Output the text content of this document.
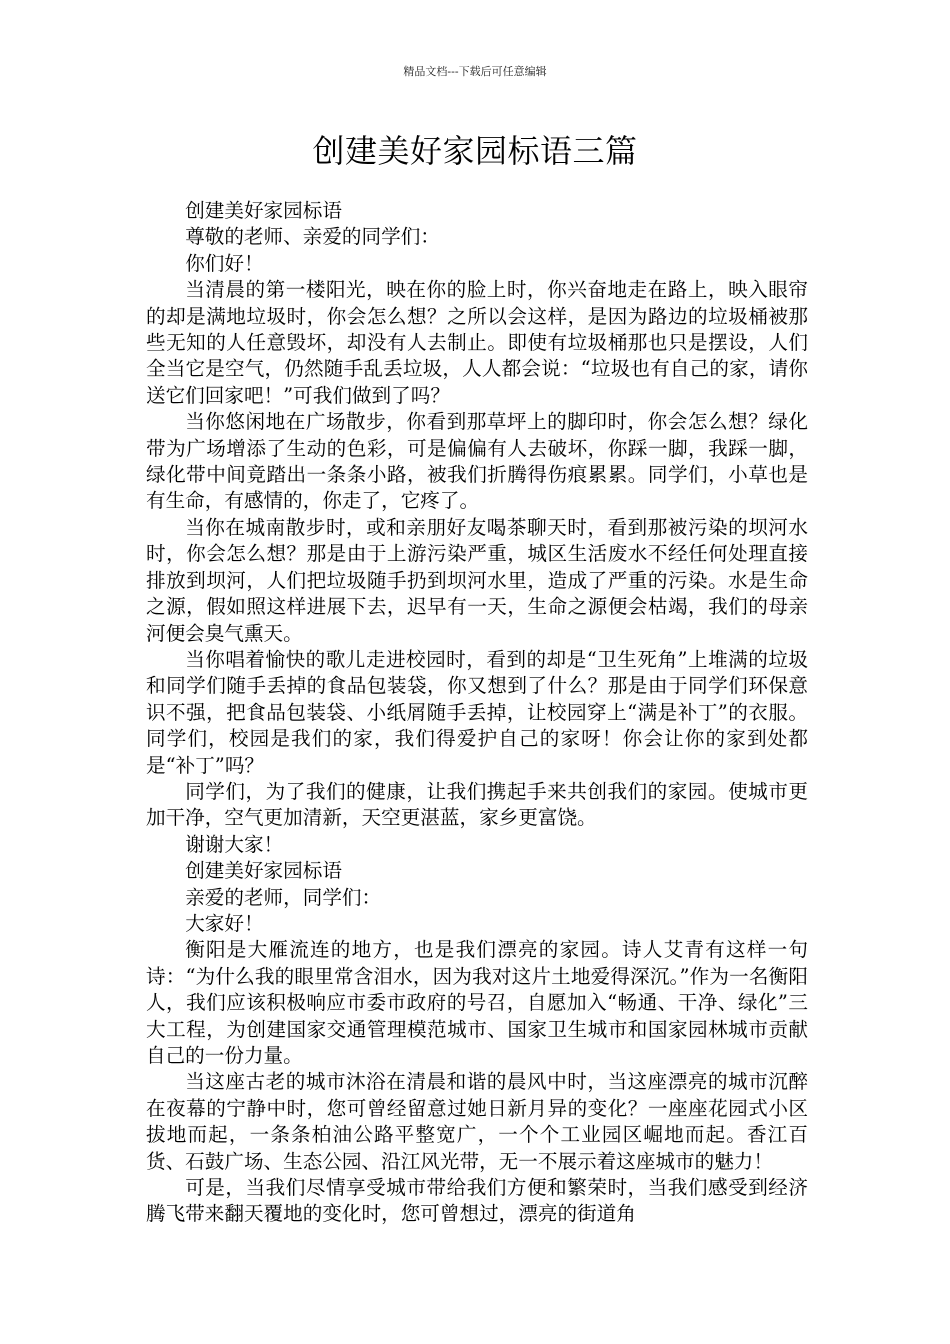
精品文档---下载后可任意编辑
创建美好家园标语三篇

创建美好家园标语

尊敬的老师、亲爱的同学们：

你们好！

当清晨的第一楼阳光，映在你的脸上时，你兴奋地走在路上，映入眼帘的却是满地垃圾时，你会怎么想？之所以会这样，是因为路边的垃圾桶被那些无知的人任意毁坏，却没有人去制止。即使有垃圾桶那也只是摆设，人们全当它是空气，仍然随手乱丢垃圾，人人都会说：“垃圾也有自己的家，请你送它们回家吧！”可我们做到了吗？

当你悠闲地在广场散步，你看到那草坪上的脚印时，你会怎么想？绿化带为广场增添了生动的色彩，可是偏偏有人去破坏，你踩一脚，我踩一脚，绿化带中间竟踏出一条条小路，被我们折腾得伤痕累累。同学们，小草也是有生命，有感情的，你走了，它疼了。

当你在城南散步时，或和亲朋好友喝茶聊天时，看到那被污染的坝河水时，你会怎么想？那是由于上游污染严重，城区生活废水不经任何处理直接排放到坝河，人们把垃圾随手扔到坝河水里，造成了严重的污染。水是生命之源，假如照这样进展下去，迟早有一天，生命之源便会枯竭，我们的母亲河便会臭气熏天。

当你唱着愉快的歌儿走进校园时，看到的却是“卫生死角”上堆满的垃圾和同学们随手丢掉的食品包装袋，你又想到了什么？那是由于同学们环保意识不强，把食品包装袋、小纸屑随手丢掉，让校园穿上“满是补丁”的衣服。同学们，校园是我们的家，我们得爱护自己的家呀！你会让你的家到处都是“补丁”吗？

同学们，为了我们的健康，让我们携起手来共创我们的家园。使城市更加干净，空气更加清新，天空更湛蓝，家乡更富饶。

谢谢大家！

创建美好家园标语

亲爱的老师，同学们：

大家好！

衡阳是大雁流连的地方，也是我们漂亮的家园。诗人艾青有这样一句诗：“为什么我的眼里常含泪水，因为我对这片土地爱得深沉。”作为一名衡阳人，我们应该积极响应市委市政府的号召，自愿加入“畅通、干净、绿化”三大工程，为创建国家交通管理模范城市、国家卫生城市和国家园林城市贡献自己的一份力量。

当这座古老的城市沐浴在清晨和谐的晨风中时，当这座漂亮的城市沉醉在夜幕的宁静中时，您可曾经留意过她日新月异的变化？一座座花园式小区拔地而起，一条条柏油公路平整宽广，一个个工业园区崛地而起。香江百货、石鼓广场、生态公园、沿江风光带，无一不展示着这座城市的魅力！

可是，当我们尽情享受城市带给我们方便和繁荣时，当我们感受到经济腾飞带来翻天覆地的变化时，您可曾想过，漂亮的街道角
